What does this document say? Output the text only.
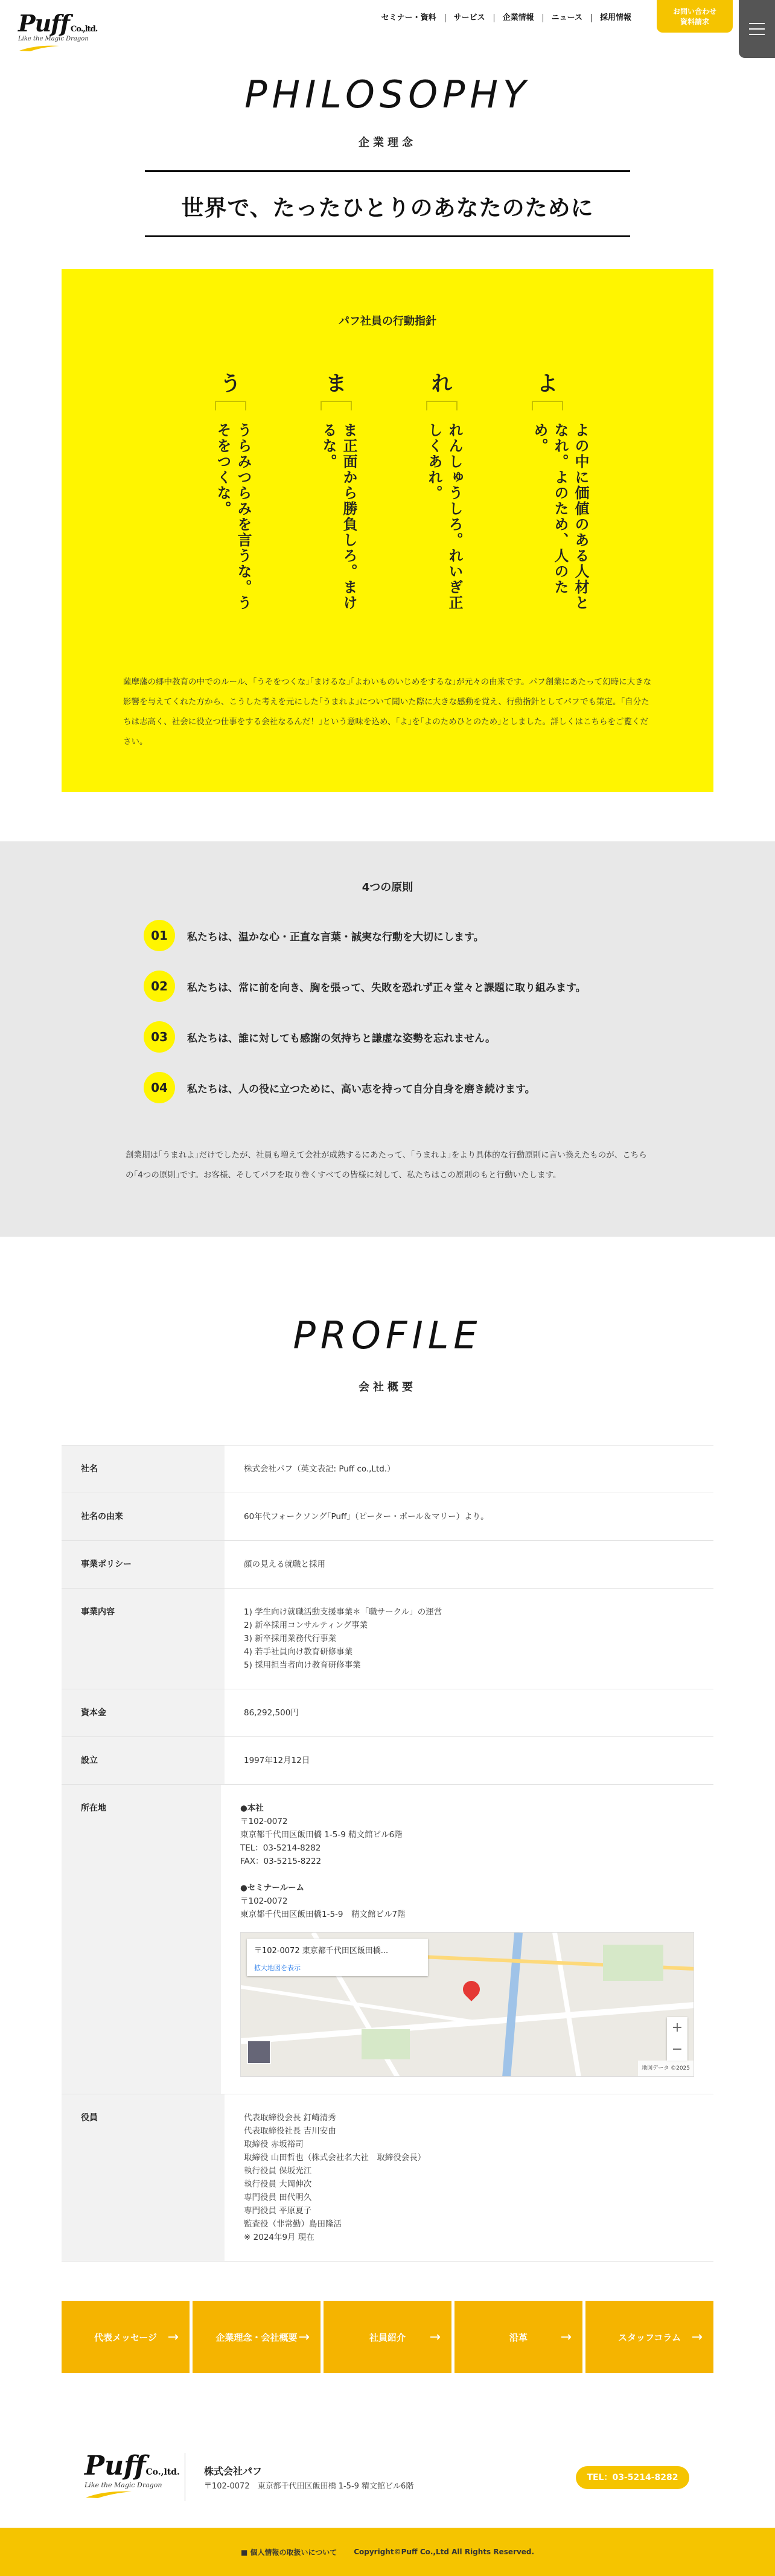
Puff Co.,ltd.
Like the Magic Dragon
セミナー・資料	サービス	企業情報	ニュース	採用情報
お問い合わせ
資料請求
PHILOSOPHY
企業理念
世界で、たったひとりのあなたのために
パフ社員の行動指針
う
うらみつらみを言うな。うそをつくな。
ま
ま正面から勝負しろ。まけるな。
れ
れんしゅうしろ。れいぎ正しくあれ。
よ
よの中に価値のある人材となれ。よのため、人のため。

薩摩藩の郷中教育の中でのルール、｢うそをつくな｣｢まけるな｣｢よわいものいじめをするな｣が元々の由来です。パフ創業にあたって幻時に大きな影響を与えてくれた方から、こうした考えを元にした｢うまれよ｣について聞いた際に大きな感動を覚え、行動指針としてパフでも策定。｢自分たちは志高く、社会に役立つ仕事をする会社なるんだ！｣という意味を込め、｢よ｣を｢よのためひとのため｣としました。詳しくはこちらをご覧ください。

4つの原則
01	私たちは、温かな心・正直な言葉・誠実な行動を大切にします。
02	私たちは、常に前を向き、胸を張って、失敗を恐れず正々堂々と課題に取り組みます。
03	私たちは、誰に対しても感謝の気持ちと謙虚な姿勢を忘れません。
04	私たちは、人の役に立つために、高い志を持って自分自身を磨き続けます。

創業期は｢うまれよ｣だけでしたが、社員も増えて会社が成熟するにあたって、｢うまれよ｣をより具体的な行動原則に言い換えたものが、こちらの｢4つの原則｣です。お客様、そしてパフを取り巻くすべての皆様に対して、私たちはこの原則のもと行動いたします。

PROFILE
会社概要
社名	株式会社パフ（英文表記: Puff co.,Ltd.）

社名の由来	60年代フォークソング｢Puff｣（ピーター・ポール＆マリー）より。

事業ポリシー	顔の見える就職と採用

事業内容	1) 学生向け就職活動支援事業＊「職サークル」の運営

2) 新卒採用コンサルティング事業

3) 新卒採用業務代行事業

4) 若手社員向け教育研修事業

5) 採用担当者向け教育研修事業

資本金	86,292,500円

設立	1997年12月12日

所在地	●本社

〒102-0072

東京都千代田区飯田橋 1-5-9 精文館ビル6階

TEL：03-5214-8282

FAX：03-5215-8222

●セミナールーム

〒102-0072

東京都千代田区飯田橋1-5-9　精文館ビル7階

〒102-0072 東京都千代田区飯田橋...
拡大地図を表示
+
−
地図データ ©2025
役員	代表取締役会長 釘崎清秀

代表取締役社長 吉川安由

取締役 赤坂裕司

取締役 山田哲也（株式会社名大社　取締役会長）

執行役員 保坂光江

執行役員 大岡伸次

専門役員 田代明久

専門役員 平原夏子

監査役（非常勤）島田隆活

※ 2024年9月 現在

代表メッセージ →	企業理念・会社概要 →	社員紹介 →	沿革 →	スタッフコラム →
PuffCo.,ltd.
Like the Magic Dragon
株式会社パフ
〒102-0072　東京都千代田区飯田橋 1-5-9 精文館ビル6階
TEL：03-5214-8282
■ 個人情報の取扱いについて Copyright©Puff Co.,Ltd All Rights Reserved.
